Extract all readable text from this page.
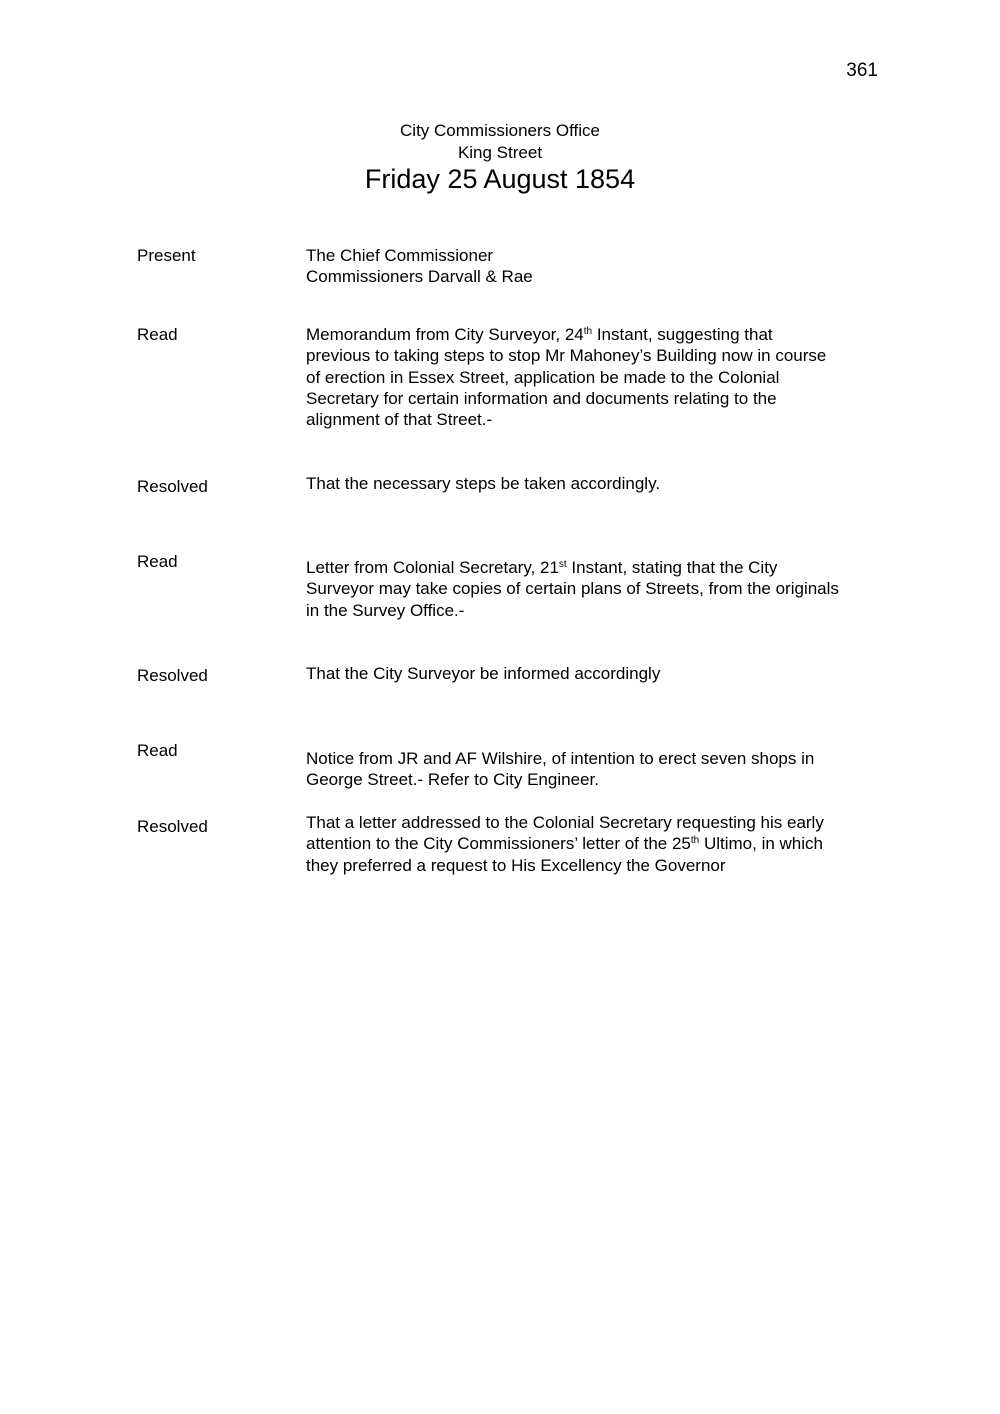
361
City Commissioners Office
King Street
Friday 25 August 1854
Present	The Chief Commissioner
Commissioners Darvall & Rae
Read	Memorandum from City Surveyor, 24th Instant, suggesting that
previous to taking steps to stop Mr Mahoney’s Building now in course
of erection in Essex Street, application be made to the Colonial
Secretary for certain information and documents relating to the
alignment of that Street.-
Resolved	That the necessary steps be taken accordingly.
Read	Letter from Colonial Secretary, 21st Instant, stating that the City
Surveyor may take copies of certain plans of Streets, from the originals
in the Survey Office.-
Resolved	That the City Surveyor be informed accordingly
Read	Notice from JR and AF Wilshire, of intention to erect seven shops in
George Street.- Refer to City Engineer.
Resolved	That a letter addressed to the Colonial Secretary requesting his early
attention to the City Commissioners’ letter of the 25th Ultimo, in which
they preferred a request to His Excellency the Governor
